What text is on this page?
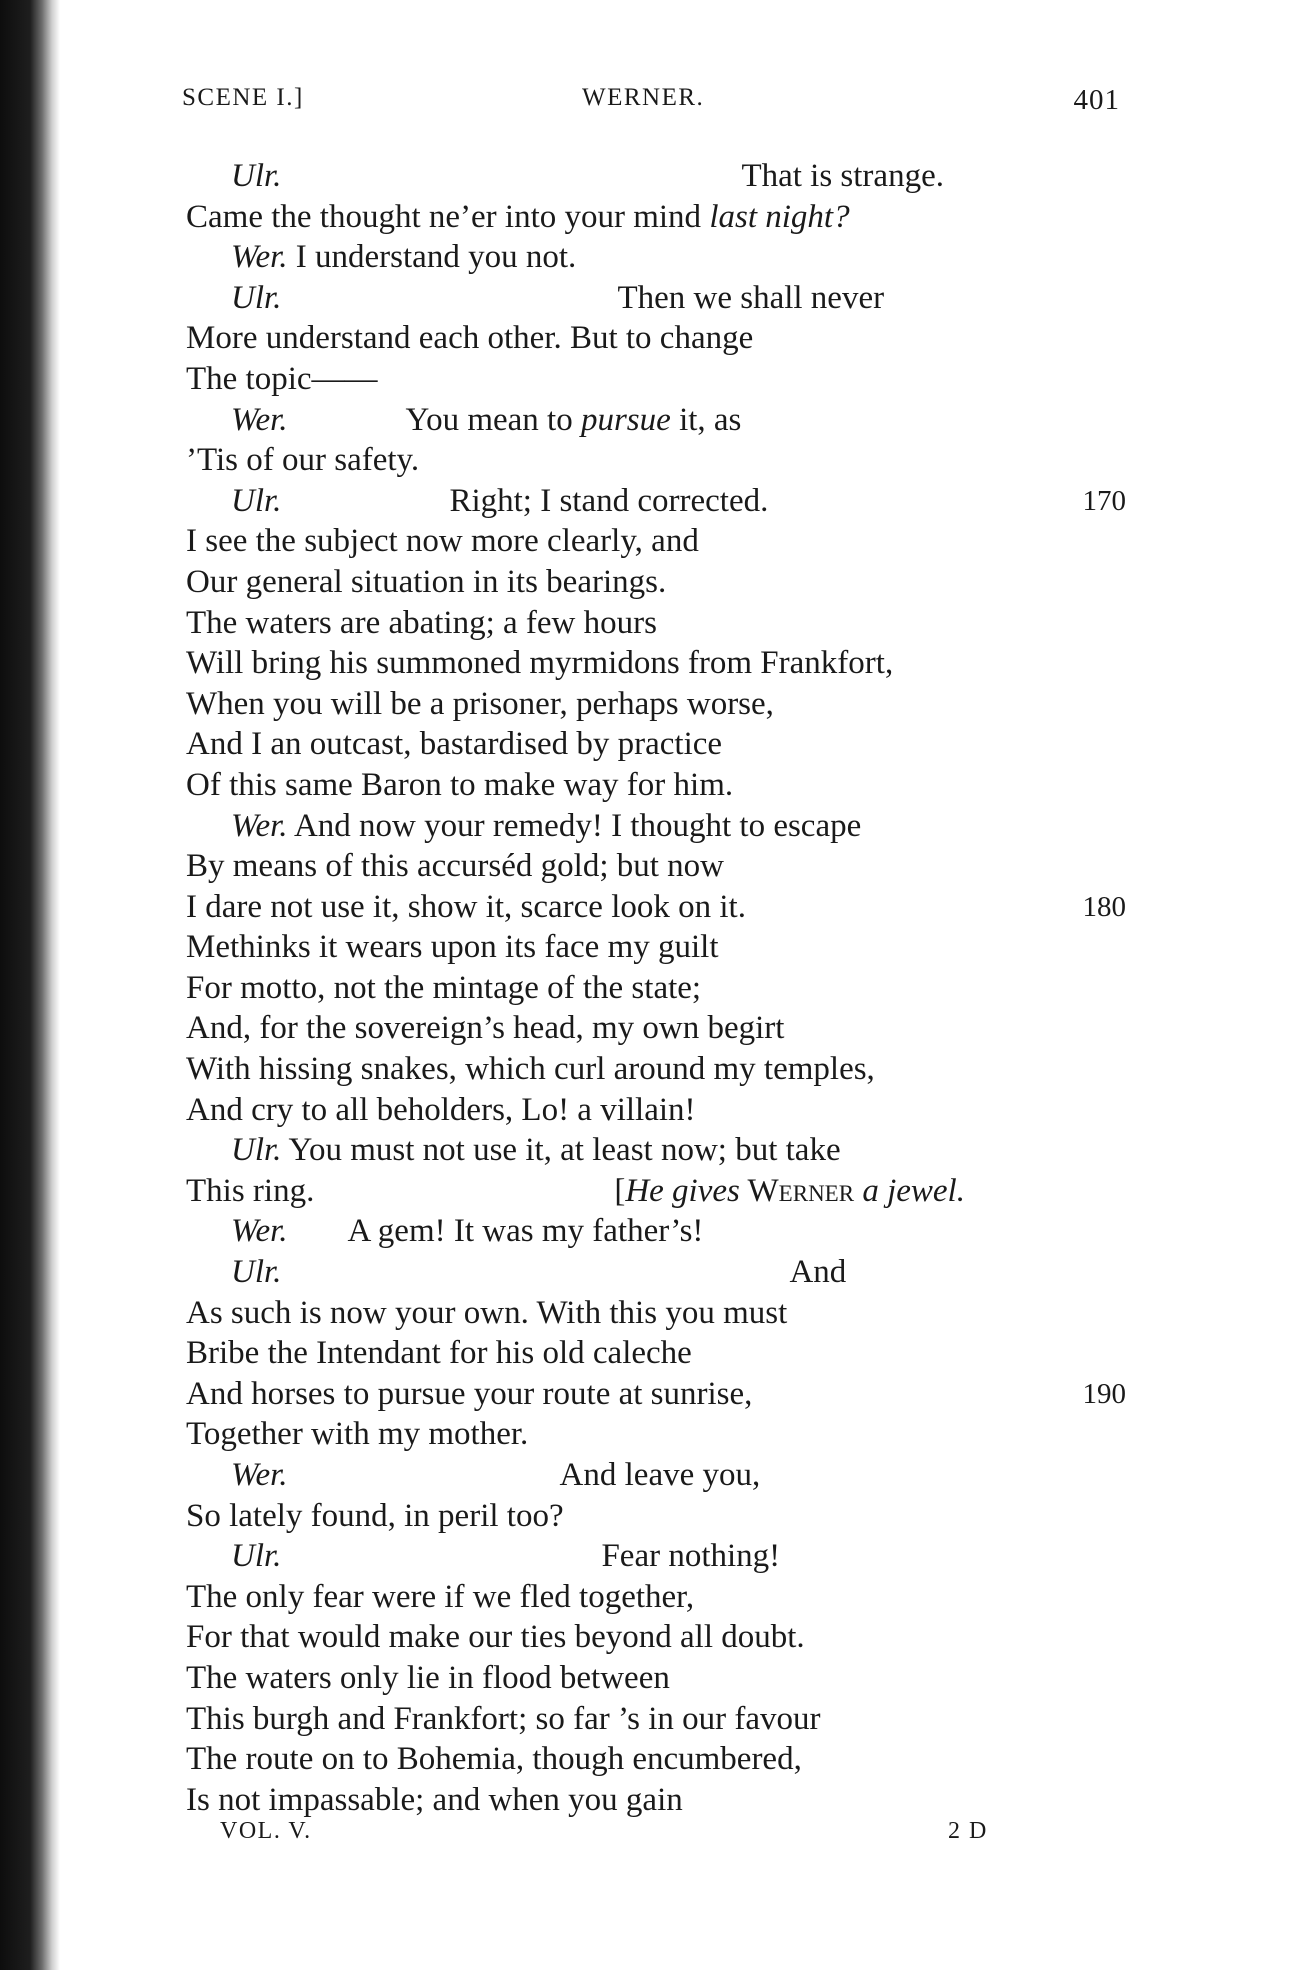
SCENE I.]	WERNER.	401
Ulr.	That is strange.
Came the thought ne’er into your mind last night?
Wer. I understand you not.
Ulr.	Then we shall never
More understand each other. But to change
The topic——
Wer.	You mean to pursue it, as
’Tis of our safety.
Ulr.	Right; I stand corrected.	170
I see the subject now more clearly, and
Our general situation in its bearings.
The waters are abating; a few hours
Will bring his summoned myrmidons from Frankfort,
When you will be a prisoner, perhaps worse,
And I an outcast, bastardised by practice
Of this same Baron to make way for him.
Wer. And now your remedy! I thought to escape
By means of this accurséd gold; but now
I dare not use it, show it, scarce look on it.	180
Methinks it wears upon its face my guilt
For motto, not the mintage of the state;
And, for the sovereign’s head, my own begirt
With hissing snakes, which curl around my temples,
And cry to all beholders, Lo! a villain!
Ulr. You must not use it, at least now; but take
This ring.	[He gives Werner a jewel.
Wer. A gem! It was my father’s!
Ulr.	And
As such is now your own. With this you must
Bribe the Intendant for his old caleche
And horses to pursue your route at sunrise,	190
Together with my mother.
Wer.	And leave you,
So lately found, in peril too?
Ulr.	Fear nothing!
The only fear were if we fled together,
For that would make our ties beyond all doubt.
The waters only lie in flood between
This burgh and Frankfort; so far ’s in our favour
The route on to Bohemia, though encumbered,
Is not impassable; and when you gain
VOL. V.	2 D
